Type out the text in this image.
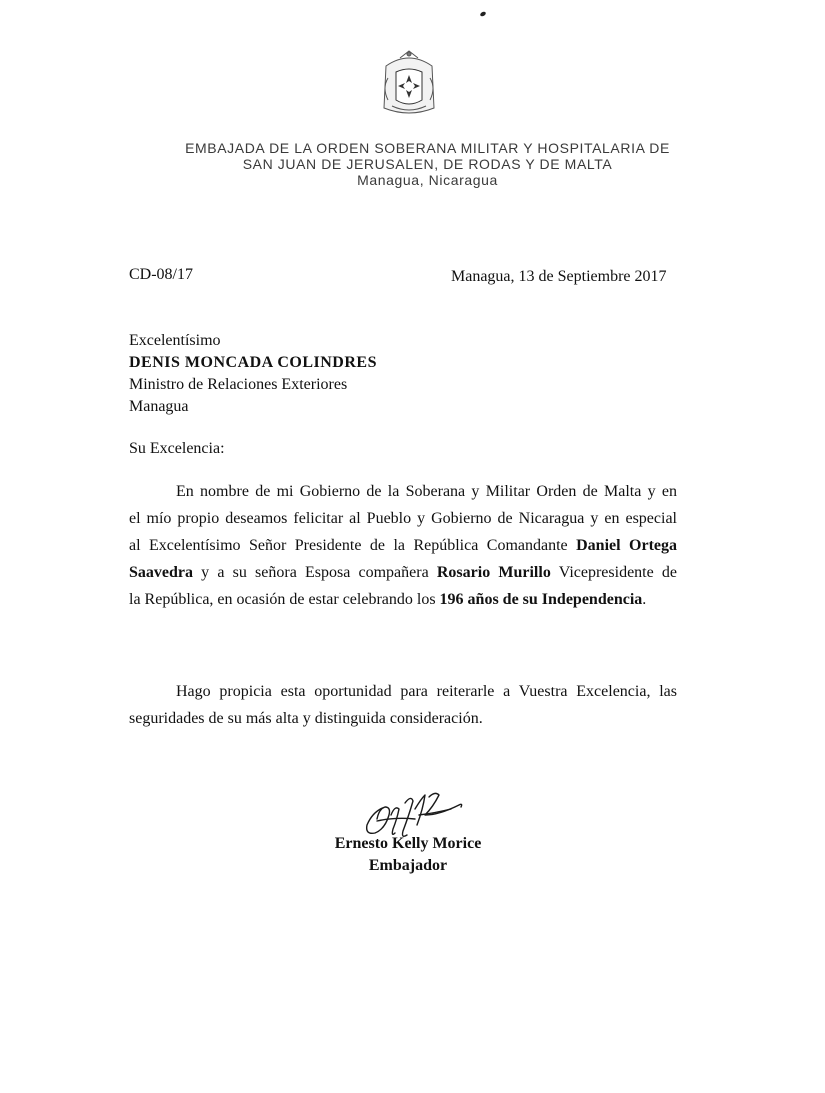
EMBAJADA DE LA ORDEN SOBERANA MILITAR Y HOSPITALARIA DE
SAN JUAN DE JERUSALEN, DE RODAS Y DE MALTA
Managua, Nicaragua
CD-08/17	Managua, 13 de Septiembre 2017
Excelentísimo
DENIS MONCADA COLINDRES
Ministro de Relaciones Exteriores
Managua
Su Excelencia:
En nombre de mi Gobierno de la Soberana y Militar Orden de Malta y en
el mío propio deseamos felicitar al Pueblo y Gobierno de Nicaragua y en especial
al Excelentísimo Señor Presidente de la República Comandante Daniel Ortega
Saavedra y a su señora Esposa compañera Rosario Murillo Vicepresidente de
la República, en ocasión de estar celebrando los 196 años de su Independencia.
Hago propicia esta oportunidad para reiterarle a Vuestra Excelencia, las
seguridades de su más alta y distinguida consideración.
Ernesto Kelly Morice
Embajador
